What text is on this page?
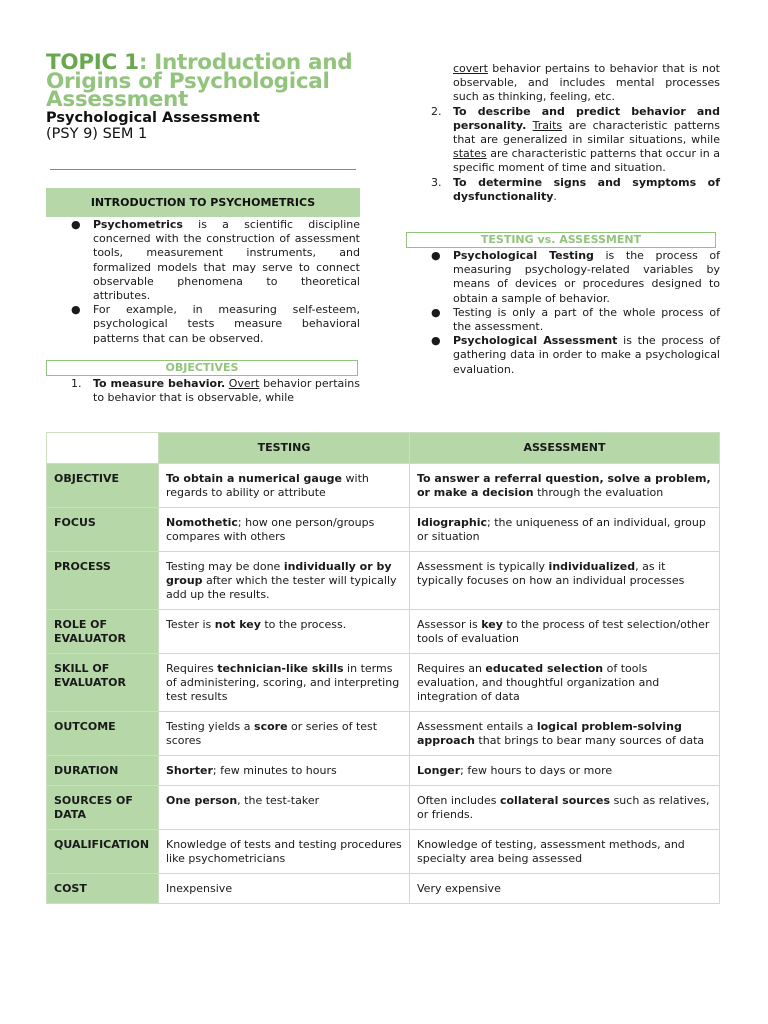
TOPIC 1: Introduction and Origins of Psychological Assessment
Psychological Assessment
(PSY 9) SEM 1
INTRODUCTION TO PSYCHOMETRICS
● Psychometrics is a scientific discipline concerned with the construction of assessment tools, measurement instruments, and formalized models that may serve to connect observable phenomena to theoretical attributes.
● For example, in measuring self-esteem, psychological tests measure behavioral patterns that can be observed.
OBJECTIVES
1. To measure behavior. Overt behavior pertains to behavior that is observable, while
covert behavior pertains to behavior that is not observable, and includes mental processes such as thinking, feeling, etc.
2. To describe and predict behavior and personality. Traits are characteristic patterns that are generalized in similar situations, while states are characteristic patterns that occur in a specific moment of time and situation.
3. To determine signs and symptoms of dysfunctionality.
TESTING vs. ASSESSMENT
● Psychological Testing is the process of measuring psychology-related variables by means of devices or procedures designed to obtain a sample of behavior.
● Testing is only a part of the whole process of the assessment.
● Psychological Assessment is the process of gathering data in order to make a psychological evaluation.
	TESTING	ASSESSMENT
OBJECTIVE	To obtain a numerical gauge with regards to ability or attribute	To answer a referral question, solve a problem, or make a decision through the evaluation
FOCUS	Nomothetic; how one person/groups compares with others	Idiographic; the uniqueness of an individual, group or situation
PROCESS	Testing may be done individually or by group after which the tester will typically add up the results.	Assessment is typically individualized, as it typically focuses on how an individual processes
ROLE OF EVALUATOR	Tester is not key to the process.	Assessor is key to the process of test selection/other tools of evaluation
SKILL OF EVALUATOR	Requires technician-like skills in terms of administering, scoring, and interpreting test results	Requires an educated selection of tools evaluation, and thoughtful organization and integration of data
OUTCOME	Testing yields a score or series of test scores	Assessment entails a logical problem-solving approach that brings to bear many sources of data
DURATION	Shorter; few minutes to hours	Longer; few hours to days or more
SOURCES OF DATA	One person, the test-taker	Often includes collateral sources such as relatives, or friends.
QUALIFICATION	Knowledge of tests and testing procedures like psychometricians	Knowledge of testing, assessment methods, and specialty area being assessed
COST	Inexpensive	Very expensive
